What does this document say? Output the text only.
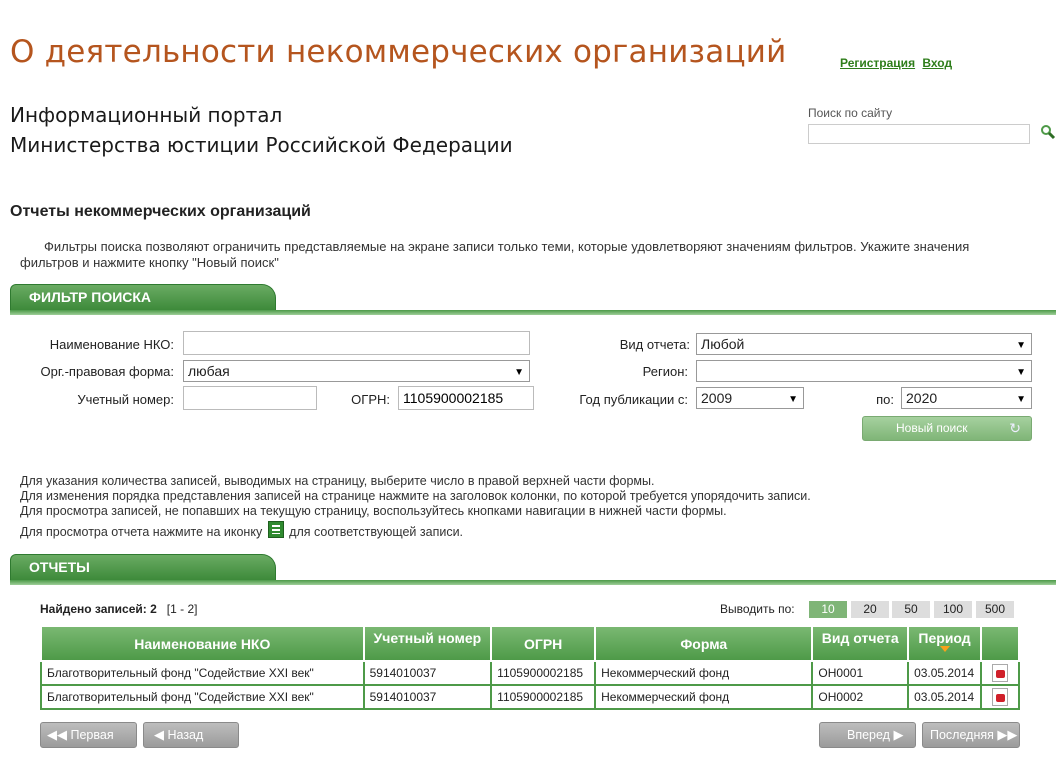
О деятельности некоммерческих организаций	Регистрация Вход
Информационный портал
Министерства юстиции Российской Федерации
Поиск по сайту
Отчеты некоммерческих организаций
Фильтры поиска позволяют ограничить представляемые на экране записи только теми, которые удовлетворяют значениям фильтров. Укажите значения фильтров и нажмите кнопку "Новый поиск"
ФИЛЬТР ПОИСКА
Наименование НКО:
Орг.-правовая форма:	любая	▼
Учетный номер:	ОГРН:
1105900002185
Вид отчета: Любой	▼
Регион:	▼
Год публикации с: 2009	▼	по: 2020	▼
Новый поиск	↻
Для указания количества записей, выводимых на страницу, выберите число в правой верхней части формы.
Для изменения порядка представления записей на странице нажмите на заголовок колонки, по которой требуется упорядочить записи.
Для просмотра записей, не попавших на текущую страницу, воспользуйтесь кнопками навигации в нижней части формы.
Для просмотра отчета нажмите на иконку для соответствующей записи.
ОТЧЕТЫ
Найдено записей: 2 [1 - 2]	Выводить по:	10	20	50	100	500
Наименование НКО	Учетный номер	ОГРН	Форма	Вид отчета	Период

Благотворительный фонд "Содействие XXI век"	5914010037	1105900002185	Некоммерческий фонд	ОН0001	03.05.2014	
Благотворительный фонд "Содействие XXI век"	5914010037	1105900002185	Некоммерческий фонд	ОН0002	03.05.2014	
◀◀ Первая	◀ Назад	Вперед ▶	Последняя ▶▶
